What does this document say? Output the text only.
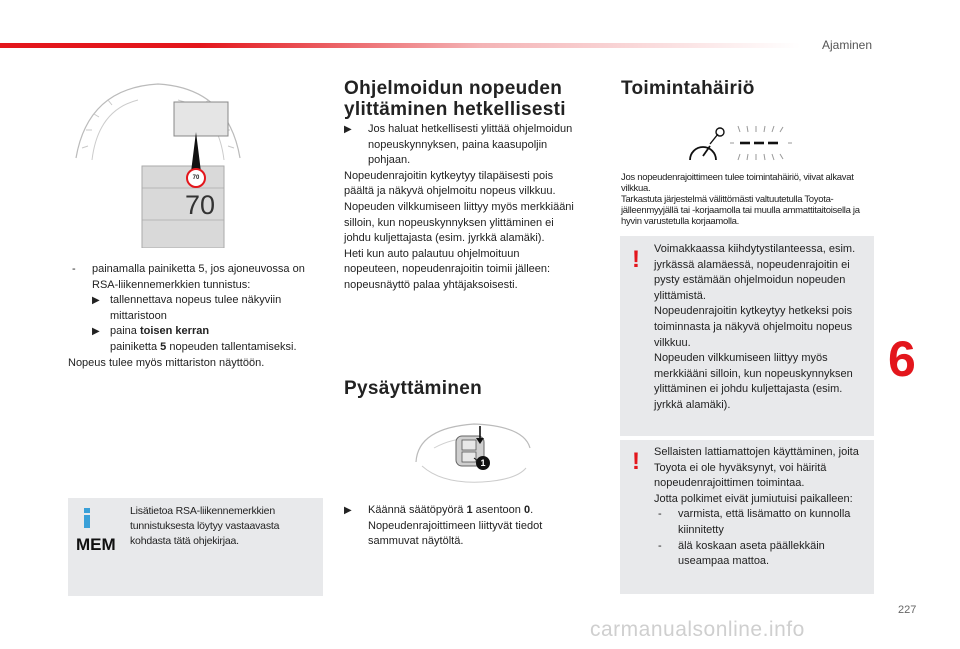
Ajaminen
70
70
- painamalla painiketta 5, jos ajoneuvossa on RSA-liikennemerkkien tunnistus:
▶ tallennettava nopeus tulee näkyviin mittaristoon
▶ paina toisen kerran
painiketta 5 nopeuden tallentamiseksi.

Nopeus tulee myös mittariston näyttöön.

MEM
Lisätietoa RSA-liikennemerkkien tunnistuksesta löytyy vastaavasta kohdasta tätä ohjekirjaa.
Ohjelmoidun nopeuden
ylittäminen hetkellisesti
▶ Jos haluat hetkellisesti ylittää ohjelmoidun nopeuskynnyksen, paina kaasupoljin pohjaan.

Nopeudenrajoitin kytkeytyy tilapäisesti pois päältä ja näkyvä ohjelmoitu nopeus vilkkuu.

Nopeuden vilkkumiseen liittyy myös merkkiääni silloin, kun nopeuskynnyksen ylittäminen ei johdu kuljettajasta (esim. jyrkkä alamäki).

Heti kun auto palautuu ohjelmoituun nopeuteen, nopeudenrajoitin toimii jälleen: nopeusnäyttö palaa yhtäjaksoisesti.

Pysäyttäminen
1
▶ Käännä säätöpyörä 1 asentoon 0.
Nopeudenrajoittimeen liittyvät tiedot sammuvat näytöltä.
Toimintahäiriö

Jos nopeudenrajoittimeen tulee toimintahäiriö, viivat alkavat vilkkua.

Tarkastuta järjestelmä välittömästi valtuutetulla Toyota-jälleenmyyjällä tai -korjaamolla tai muulla ammattitaitoisella ja hyvin varustetulla korjaamolla.

! Voimakkaassa kiihdytystilanteessa, esim. jyrkässä alamäessä, nopeudenrajoitin ei pysty estämään ohjelmoidun nopeuden ylittämistä.

Nopeudenrajoitin kytkeytyy hetkeksi pois toiminnasta ja näkyvä ohjelmoitu nopeus vilkkuu.

Nopeuden vilkkumiseen liittyy myös merkkiääni silloin, kun nopeuskynnyksen ylittäminen ei johdu kuljettajasta (esim. jyrkkä alamäki).

! Sellaisten lattiamattojen käyttäminen, joita Toyota ei ole hyväksynyt, voi häiritä nopeudenrajoittimen toimintaa.

Jotta polkimet eivät jumiutuisi paikalleen:

- varmista, että lisämatto on kunnolla kiinnitetty
- älä koskaan aseta päällekkäin useampaa mattoa.
6
227
carmanualsonline.info
